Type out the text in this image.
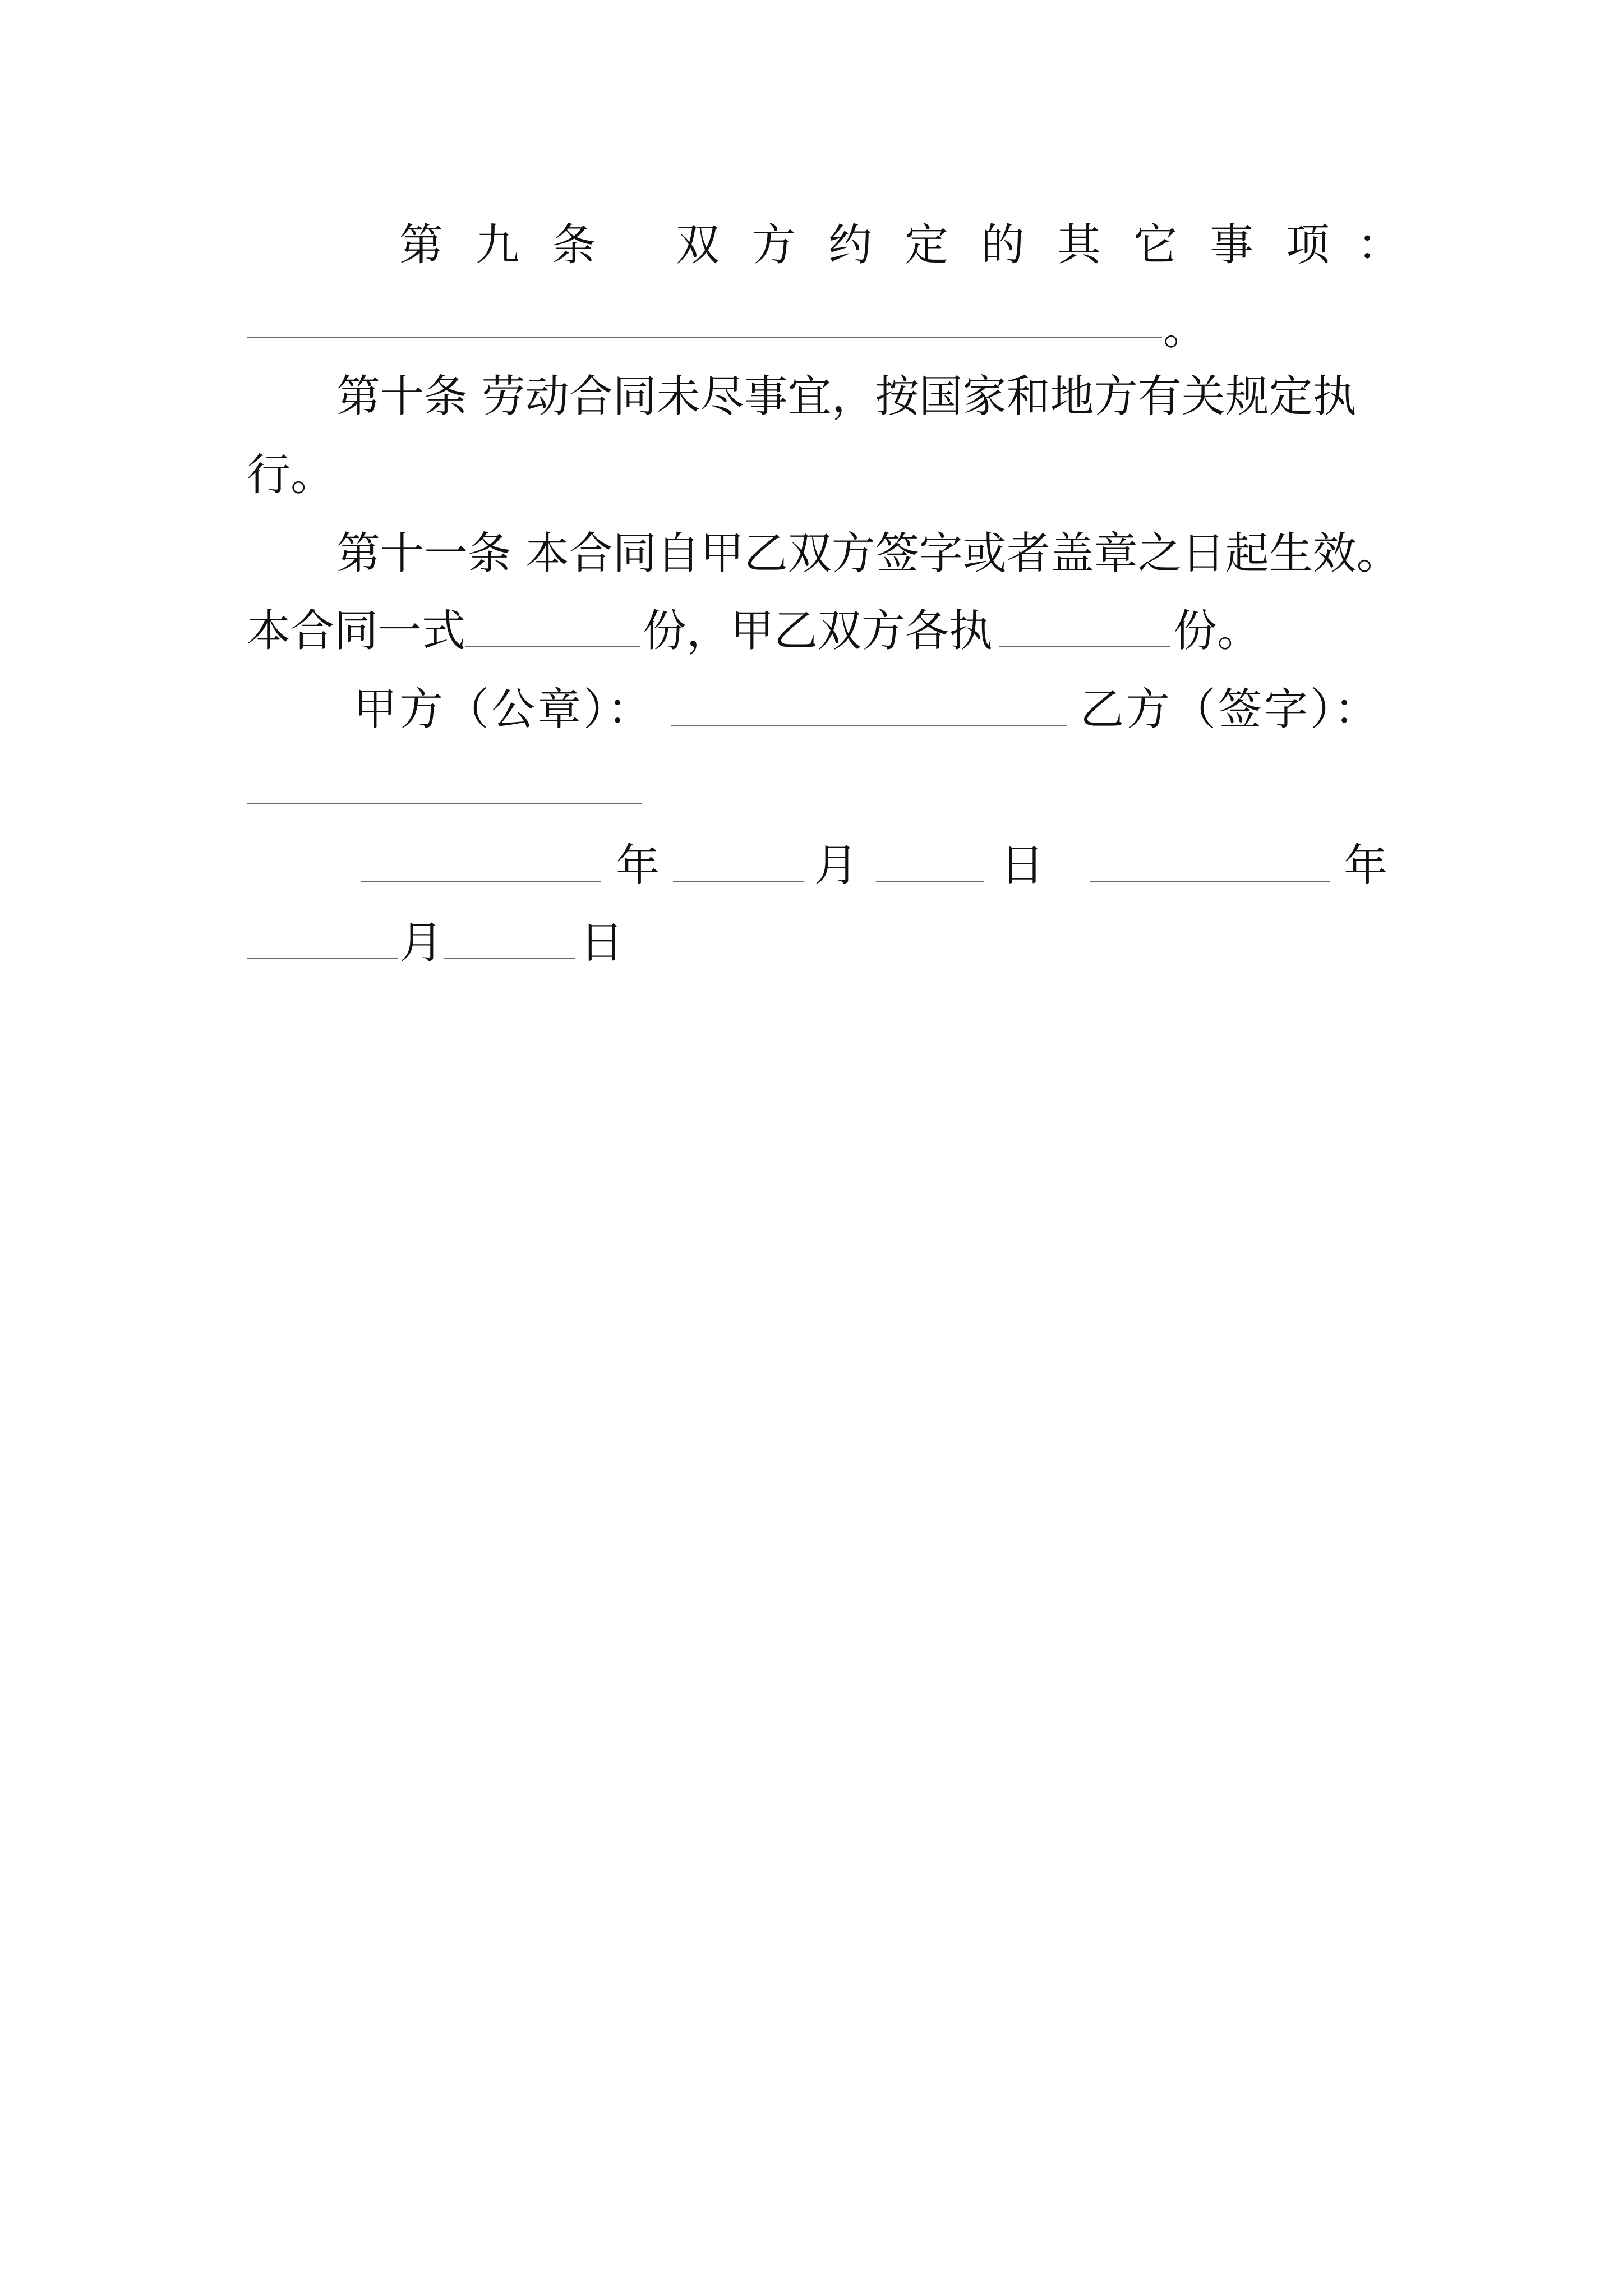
第 九 条 双 方 约 定 的 其 它 事 项 ：
。
第十条 劳动合同未尽事宜，按国家和地方有关规定执
行。
第十一条 本合同自甲乙双方签字或者盖章之日起生效。
本合同一式	份，甲乙双方各执	份。
甲方（公章）：	乙方（签字）：
年	月	日	年
月	日
